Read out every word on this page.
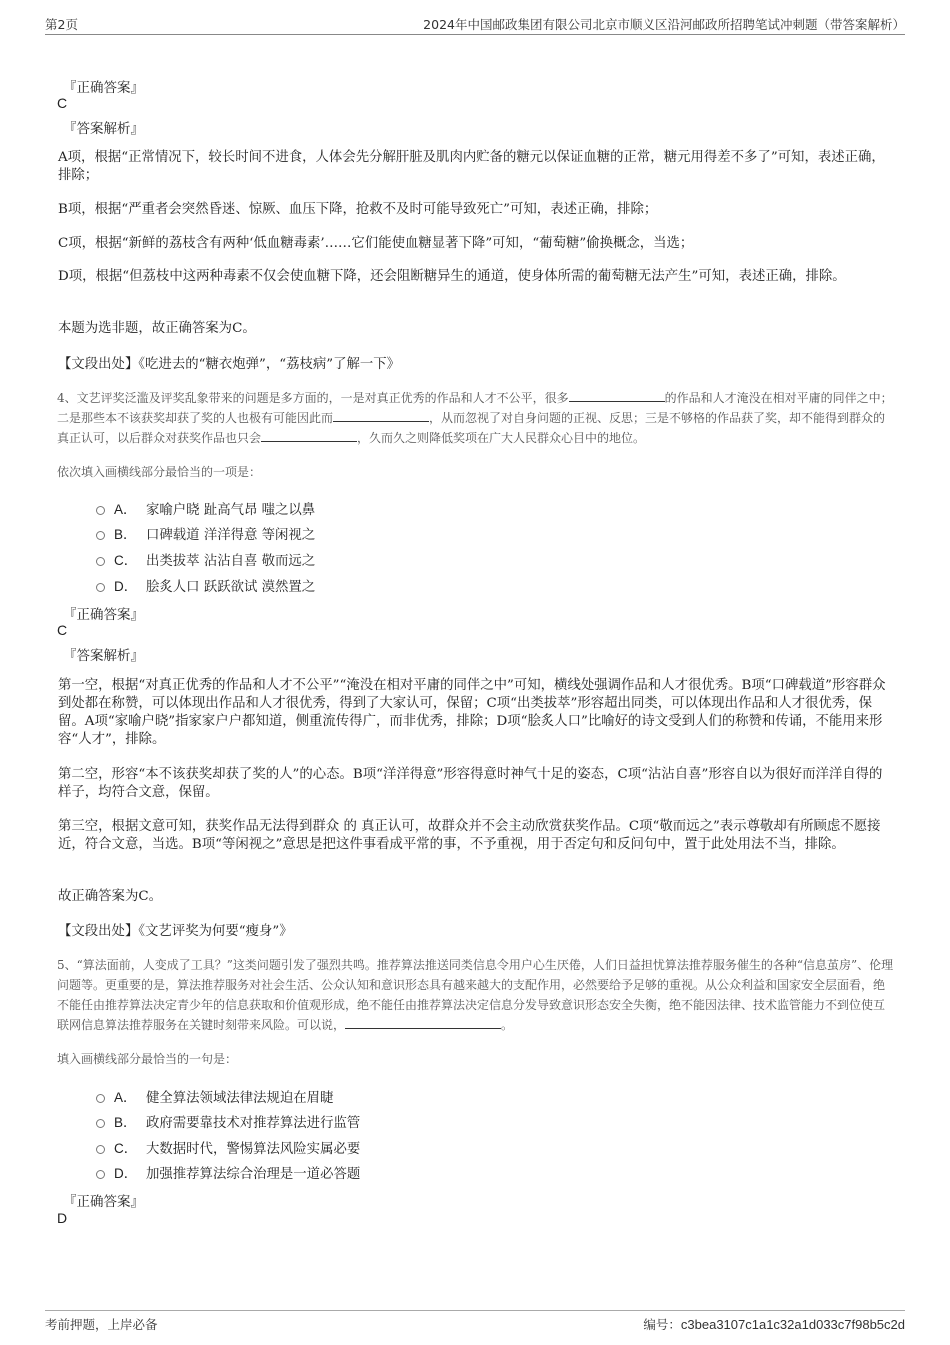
第2页	2024年中国邮政集团有限公司北京市顺义区沿河邮政所招聘笔试冲刺题（带答案解析）
『正确答案』
C
『答案解析』
A项，根据“正常情况下，较长时间不进食，人体会先分解肝脏及肌肉内贮备的糖元以保证血糖的正常，糖元用得差不多了”可知，表述正确，排除；
B项，根据“严重者会突然昏迷、惊厥、血压下降，抢救不及时可能导致死亡”可知，表述正确，排除；
C项，根据“新鲜的荔枝含有两种‘低血糖毒素’……它们能使血糖显著下降”可知，“葡萄糖”偷换概念，当选；
D项，根据“但荔枝中这两种毒素不仅会使血糖下降，还会阻断糖异生的通道，使身体所需的葡萄糖无法产生”可知，表述正确，排除。
本题为选非题，故正确答案为C。
【文段出处】《吃进去的“糖衣炮弹”，“荔枝病”了解一下》
4、文艺评奖泛滥及评奖乱象带来的问题是多方面的，一是对真正优秀的作品和人才不公平，很多	的作品和人才淹没在相对平庸的同伴之中；二是那些本不该获奖却获了奖的人也极有可能因此而	，从而忽视了对自身问题的正视、反思；三是不够格的作品获了奖，却不能得到群众的真正认可，以后群众对获奖作品也只会	，久而久之则降低奖项在广大人民群众心目中的地位。
依次填入画横线部分最恰当的一项是：
A． 家喻户晓 趾高气昂 嗤之以鼻
B． 口碑载道 洋洋得意 等闲视之
C． 出类拔萃 沾沾自喜 敬而远之
D． 脍炙人口 跃跃欲试 漠然置之
『正确答案』
C
『答案解析』
第一空，根据“对真正优秀的作品和人才不公平”“淹没在相对平庸的同伴之中”可知，横线处强调作品和人才很优秀。B项“口碑载道”形容群众到处都在称赞，可以体现出作品和人才很优秀，得到了大家认可，保留；C项“出类拔萃”形容超出同类，可以体现出作品和人才很优秀，保留。A项“家喻户晓”指家家户户都知道，侧重流传得广，而非优秀，排除；D项“脍炙人口”比喻好的诗文受到人们的称赞和传诵，不能用来形容“人才”，排除。
第二空，形容“本不该获奖却获了奖的人”的心态。B项“洋洋得意”形容得意时神气十足的姿态，C项“沾沾自喜”形容自以为很好而洋洋自得的样子，均符合文意，保留。
第三空，根据文意可知，获奖作品无法得到群众 的 真正认可，故群众并不会主动欣赏获奖作品。C项“敬而远之”表示尊敬却有所顾虑不愿接近，符合文意，当选。B项“等闲视之”意思是把这件事看成平常的事，不予重视，用于否定句和反问句中，置于此处用法不当，排除。
故正确答案为C。
【文段出处】《文艺评奖为何要“瘦身”》
5、“算法面前，人变成了工具？”这类问题引发了强烈共鸣。推荐算法推送同类信息令用户心生厌倦，人们日益担忧算法推荐服务催生的各种“信息茧房”、伦理问题等。更重要的是，算法推荐服务对社会生活、公众认知和意识形态具有越来越大的支配作用，必然要给予足够的重视。从公众利益和国家安全层面看，绝不能任由推荐算法决定青少年的信息获取和价值观形成，绝不能任由推荐算法决定信息分发导致意识形态安全失衡，绝不能因法律、技术监管能力不到位使互联网信息算法推荐服务在关键时刻带来风险。可以说，	。
填入画横线部分最恰当的一句是：
A． 健全算法领域法律法规迫在眉睫
B． 政府需要靠技术对推荐算法进行监管
C． 大数据时代，警惕算法风险实属必要
D． 加强推荐算法综合治理是一道必答题
『正确答案』
D
考前押题，上岸必备	编号：c3bea3107c1a1c32a1d033c7f98b5c2d
